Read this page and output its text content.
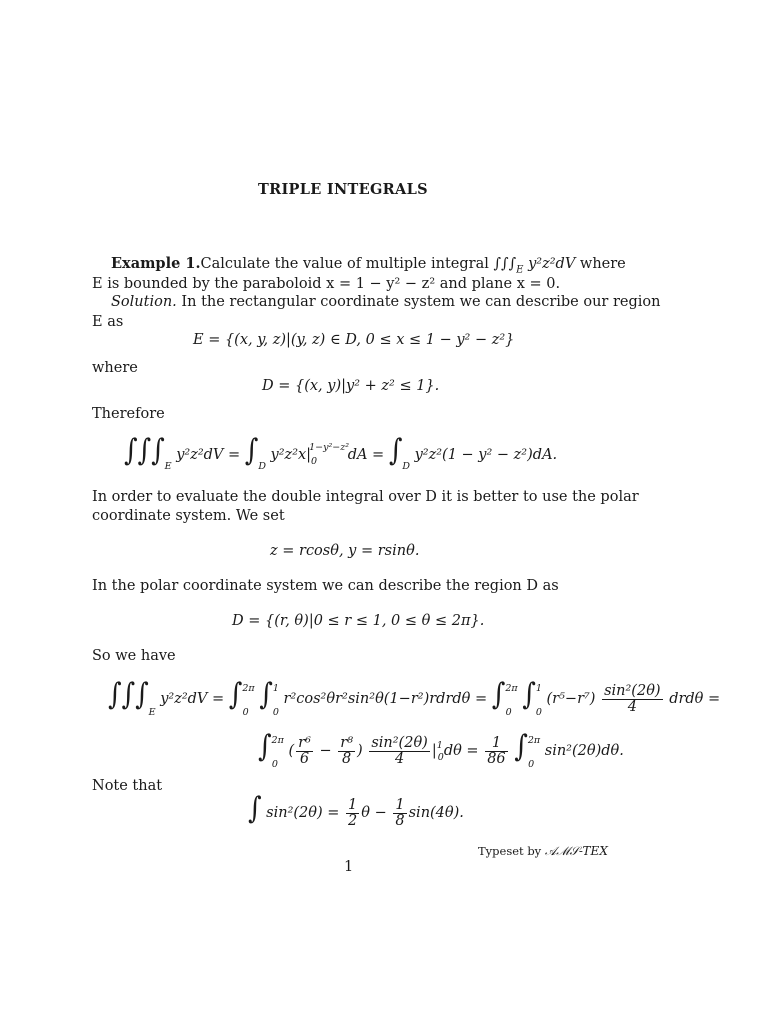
TRIPLE INTEGRALS
Example 1.Calculate the value of multiple integral $\int\int\int_E$ y²z²dV where
E is bounded by the paraboloid x = 1 − y² − z² and plane x = 0.
Solution. In the rectangular coordinate system we can describe our region
E as
E = {(x, y, z)|(y, z) ∈ D, 0 ≤ x ≤ 1 − y² − z²}
where
D = {(x, y)|y² + z² ≤ 1}.
Therefore
$\int\int\int_E$ $y^2z^2dV = \int_D$ $y^2z^2x|^{1-y^2-z^2}_0$ dA = $\int_D$ y²z²(1 − y² − z²)dA.
In order to evaluate the double integral over D it is better to use the polar
coordinate system. We set
z = rcosθ, y = rsinθ.
In the polar coordinate system we can describe the region D as
D = {(r, θ)|0 ≤ r ≤ 1, 0 ≤ θ ≤ 2π}.
So we have
$\int\int\int_E$ y²z²dV = ∫$^{2\pi}_0$ ∫$^1_0$ r²cos²θr²sin²θ(1−r²)rdrdθ = ∫$^{2\pi}_0$ ∫$^1_0$ $(r^5-r^7) \frac{\text{sin²(2θ)}}{4}$ drdθ =
∫$^{2\pi}_0$ ( $\frac{\text{r⁶}}{6} - \frac{\text{r⁸}}{8}$ ) $\frac{\text{sin²(2θ)}}{4} |^1_0d\theta = \frac{1}{86} \int^{2\pi}_0$ sin²(2θ)dθ.
Note that
∫ $\sin^2(2\theta) = \frac{1}{2}$ $\theta - \frac{1}{8} \sin(4\theta)$.
Typeset by 𝒜ℳ𝒮-TEX
1
